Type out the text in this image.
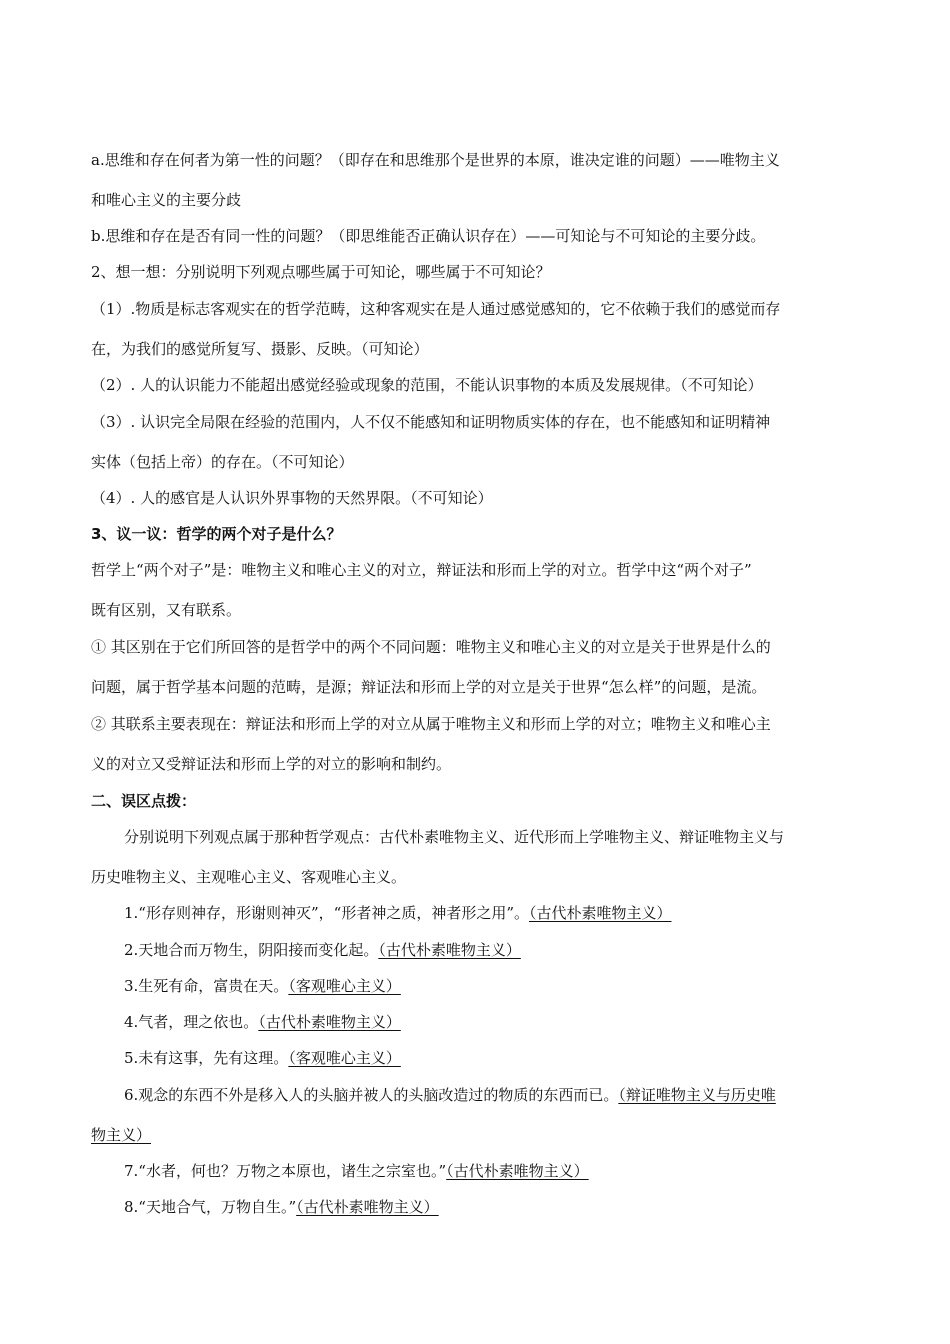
a.思维和存在何者为第一性的问题？（即存在和思维那个是世界的本原，谁决定谁的问题）——唯物主义
和唯心主义的主要分歧
b.思维和存在是否有同一性的问题？（即思维能否正确认识存在）——可知论与不可知论的主要分歧。
2、想一想：分别说明下列观点哪些属于可知论，哪些属于不可知论？
（1）.物质是标志客观实在的哲学范畴，这种客观实在是人通过感觉感知的，它不依赖于我们的感觉而存
在，为我们的感觉所复写、摄影、反映。（可知论）
（2）. 人的认识能力不能超出感觉经验或现象的范围，不能认识事物的本质及发展规律。（不可知论）
（3）. 认识完全局限在经验的范围内，人不仅不能感知和证明物质实体的存在，也不能感知和证明精神
实体（包括上帝）的存在。（不可知论）
（4）. 人的感官是人认识外界事物的天然界限。（不可知论）
3、议一议：哲学的两个对子是什么？
哲学上“两个对子”是：唯物主义和唯心主义的对立，辩证法和形而上学的对立。哲学中这“两个对子”
既有区别，又有联系。
① 其区别在于它们所回答的是哲学中的两个不同问题：唯物主义和唯心主义的对立是关于世界是什么的
问题，属于哲学基本问题的范畴，是源；辩证法和形而上学的对立是关于世界“怎么样”的问题，是流。
② 其联系主要表现在：辩证法和形而上学的对立从属于唯物主义和形而上学的对立；唯物主义和唯心主
义的对立又受辩证法和形而上学的对立的影响和制约。
二、误区点拨：
分别说明下列观点属于那种哲学观点：古代朴素唯物主义、近代形而上学唯物主义、辩证唯物主义与
历史唯物主义、主观唯心主义、客观唯心主义。
1.“形存则神存，形谢则神灭”，“形者神之质，神者形之用”。（古代朴素唯物主义）
2.天地合而万物生，阴阳接而变化起。（古代朴素唯物主义）
3.生死有命，富贵在天。（客观唯心主义）
4.气者，理之依也。（古代朴素唯物主义）
5.未有这事，先有这理。（客观唯心主义）
6.观念的东西不外是移入人的头脑并被人的头脑改造过的物质的东西而已。（辩证唯物主义与历史唯
物主义）
7.“水者，何也？万物之本原也，诸生之宗室也。”（古代朴素唯物主义）
8.“天地合气，万物自生。”（古代朴素唯物主义）
